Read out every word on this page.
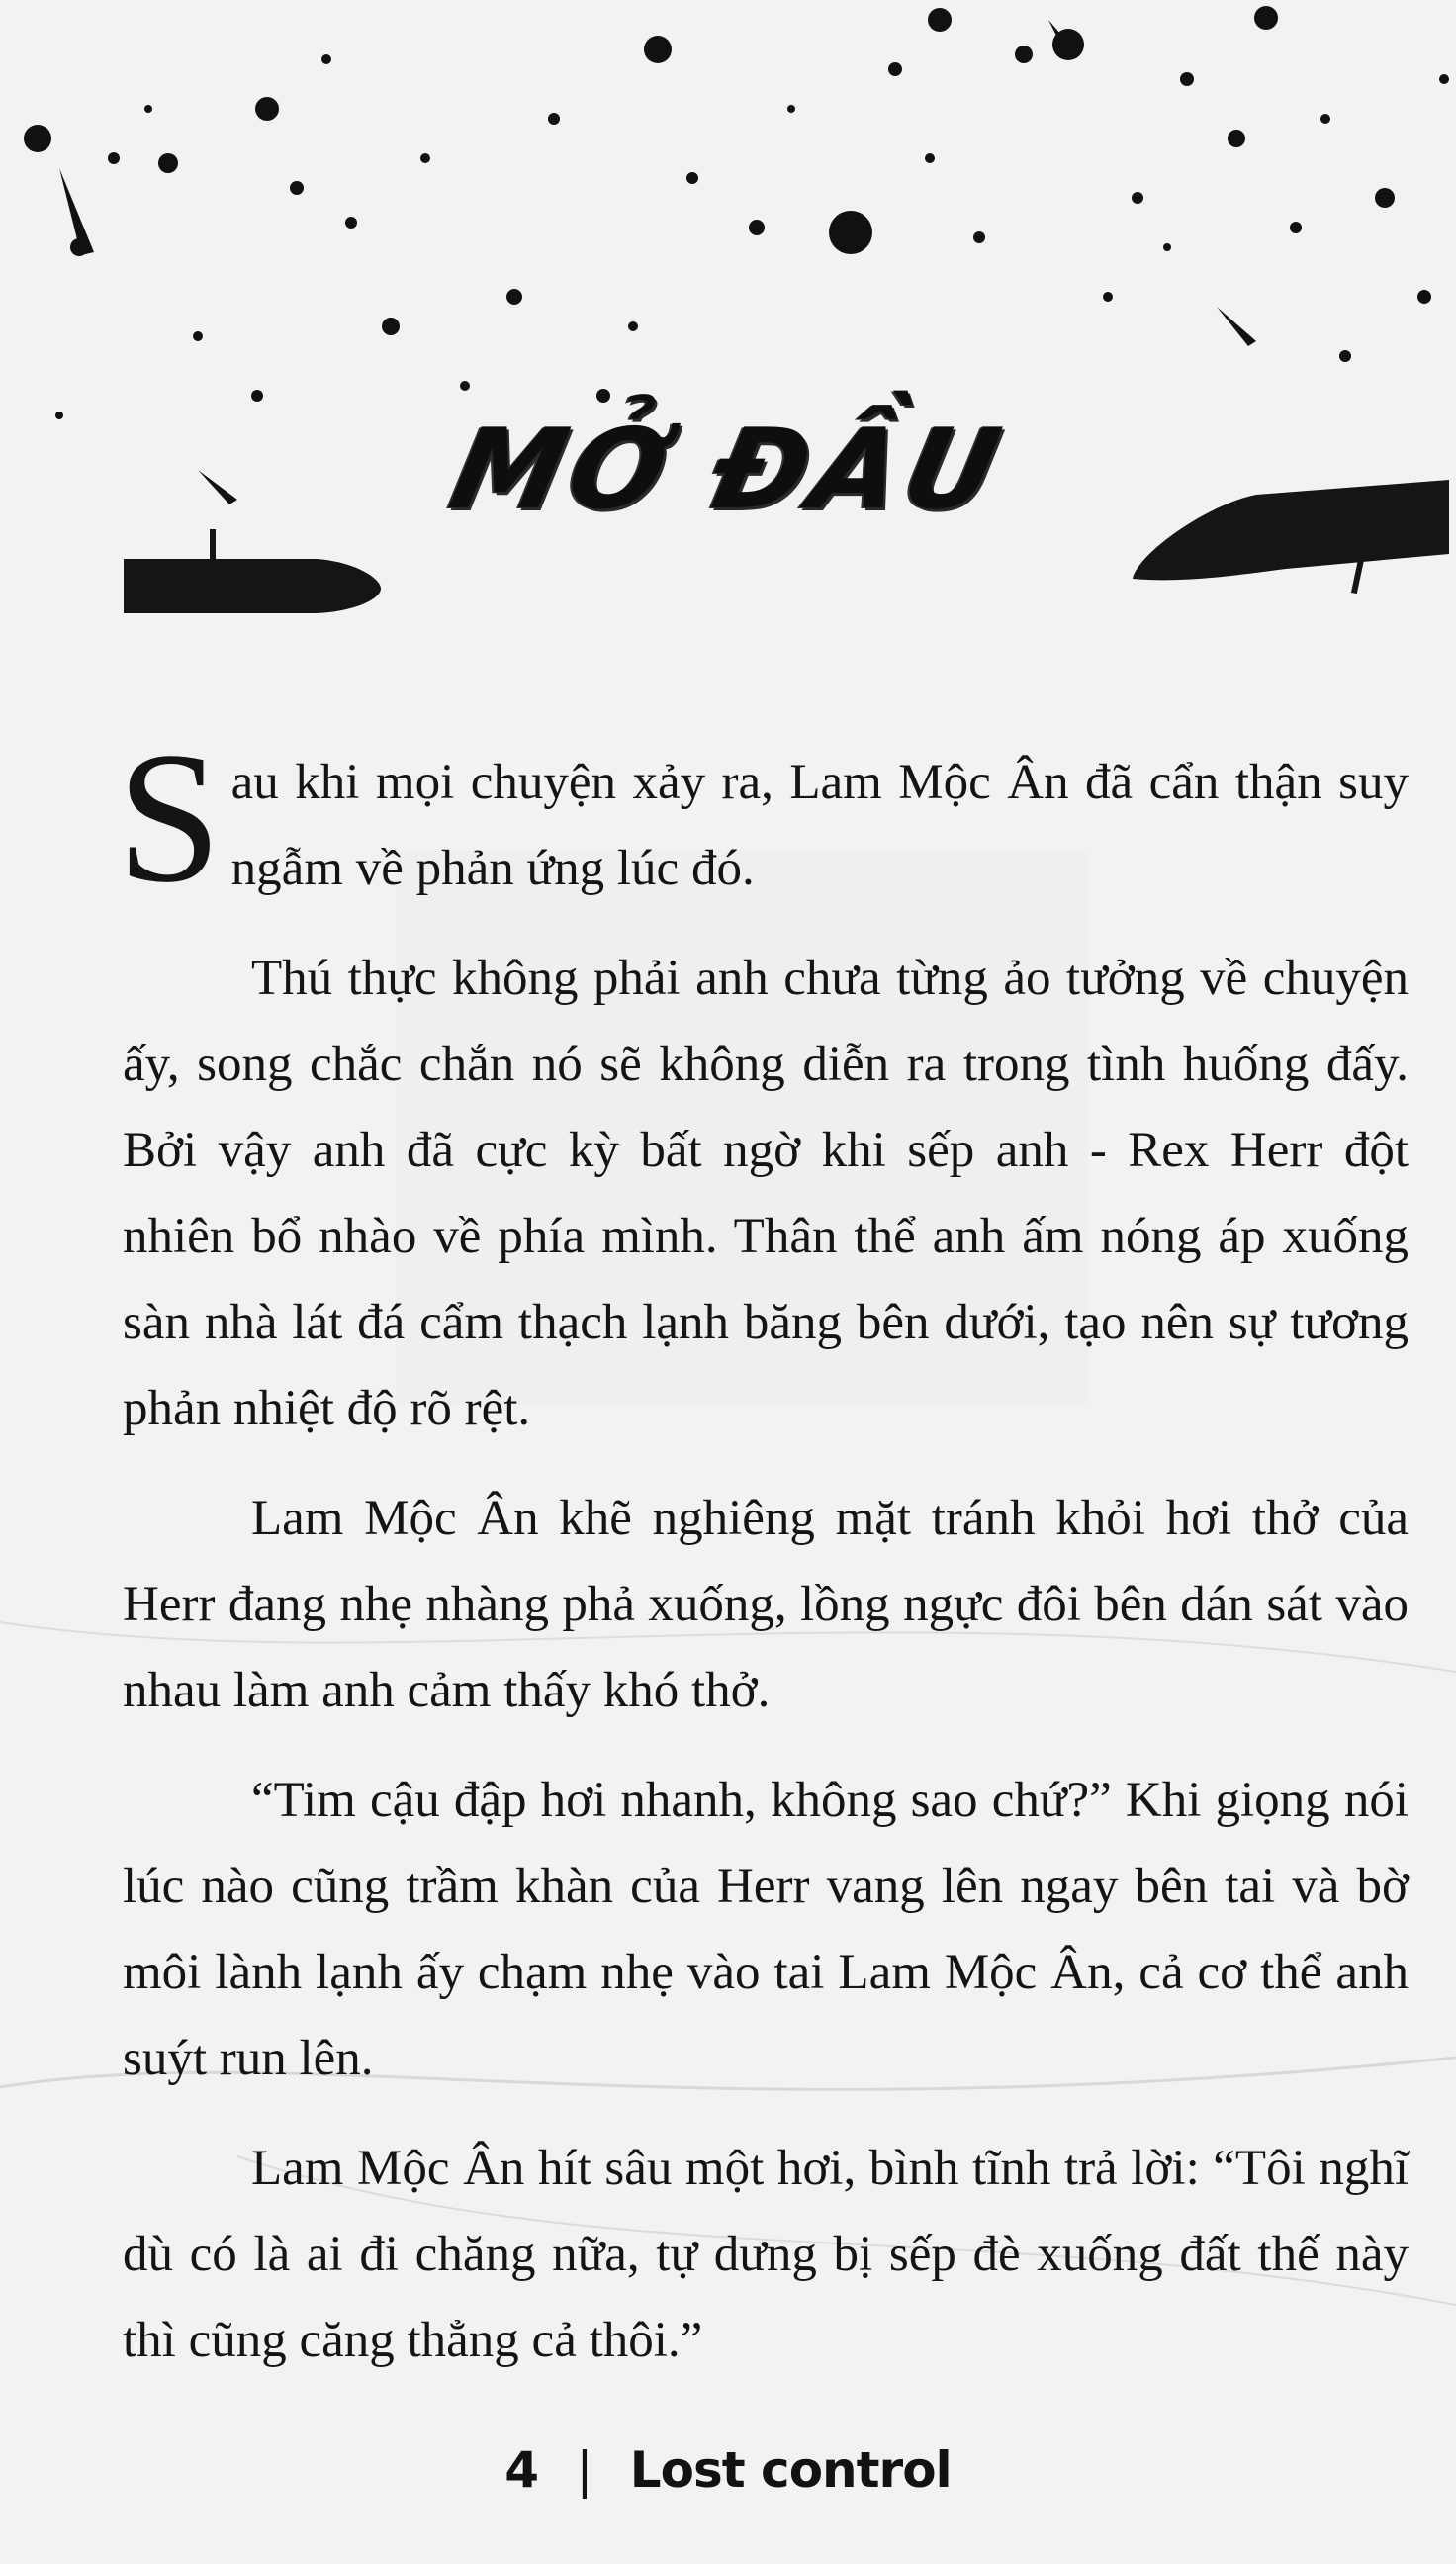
MỞ ĐẦU

Sau khi mọi chuyện xảy ra, Lam Mộc Ân đã cẩn thận suy ngẫm về phản ứng lúc đó.

Thú thực không phải anh chưa từng ảo tưởng về chuyện ấy, song chắc chắn nó sẽ không diễn ra trong tình huống đấy. Bởi vậy anh đã cực kỳ bất ngờ khi sếp anh - Rex Herr đột nhiên bổ nhào về phía mình. Thân thể anh ấm nóng áp xuống sàn nhà lát đá cẩm thạch lạnh băng bên dưới, tạo nên sự tương phản nhiệt độ rõ rệt.

Lam Mộc Ân khẽ nghiêng mặt tránh khỏi hơi thở của Herr đang nhẹ nhàng phả xuống, lồng ngực đôi bên dán sát vào nhau làm anh cảm thấy khó thở.

“Tim cậu đập hơi nhanh, không sao chứ?” Khi giọng nói lúc nào cũng trầm khàn của Herr vang lên ngay bên tai và bờ môi lành lạnh ấy chạm nhẹ vào tai Lam Mộc Ân, cả cơ thể anh suýt run lên.

Lam Mộc Ân hít sâu một hơi, bình tĩnh trả lời: “Tôi nghĩ dù có là ai đi chăng nữa, tự dưng bị sếp đè xuống đất thế này thì cũng căng thẳng cả thôi.”

4 | Lost control
